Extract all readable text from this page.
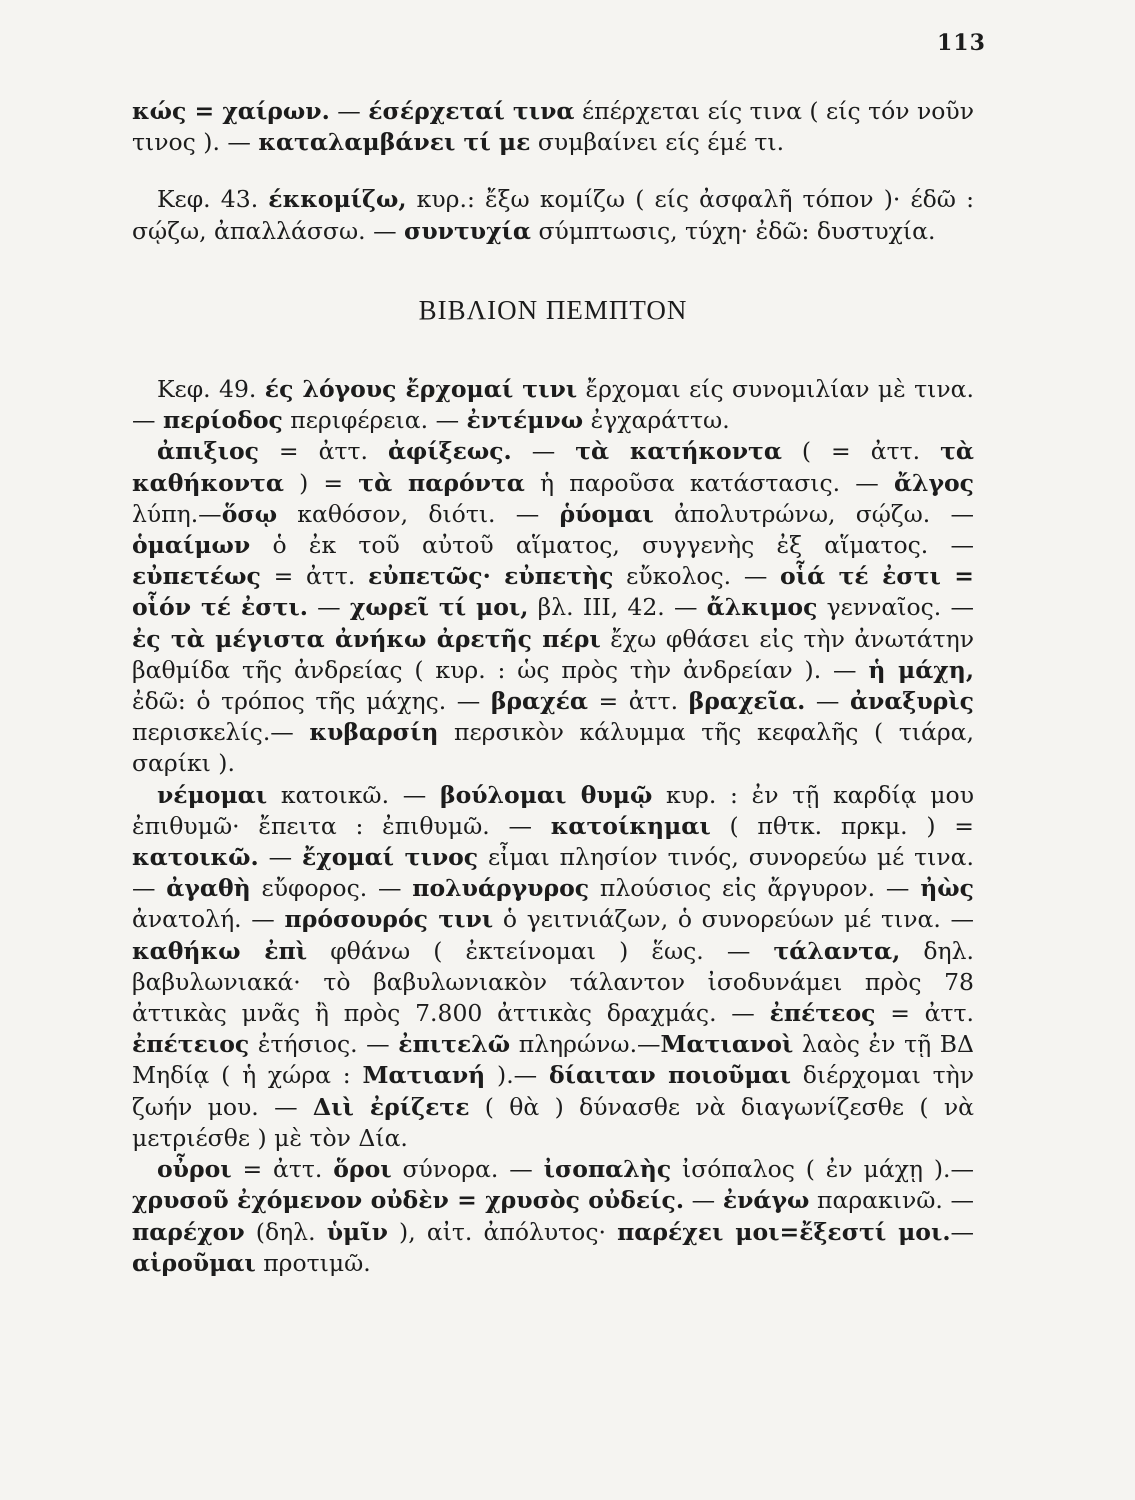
113

κώς = χαίρων. — έσέρχεταί τινα έπέρχεται είς τινα ( είς τόν νοῦν τινος ). — καταλαμβάνει τί με συμβαίνει είς έμέ τι.

Κεφ. 43. έκκομίζω, κυρ.: ἔξω κομίζω ( είς ἀσφαλῆ τόπον )· έδῶ : σῴζω, ἀπαλλάσσω. — συντυχία σύμπτωσις, τύχη· ἐδῶ: δυστυχία.

ΒΙΒΛΙΟΝ ΠΕΜΠΤΟΝ

Κεφ. 49. ές λόγους ἔρχομαί τινι ἔρχομαι είς συνομιλίαν μὲ τινα. — περίοδος περιφέρεια. — ἐντέμνω ἐγχαράττω.

ἀπιξιος = ἀττ. ἀφίξεως. — τὰ κατήκοντα ( = ἀττ. τὰ καθήκοντα ) = τὰ παρόντα ἡ παροῦσα κατάστασις. — ἄλγος λύπη.—ὅσῳ καθόσον, διότι. — ῥύομαι ἀπολυτρώνω, σῴζω. — ὁμαίμων ὁ ἐκ τοῦ αὐτοῦ αἵματος, συγγενὴς ἐξ αἵματος. — εὐπετέως = ἀττ. εὐπετῶς· εὐπετὴς εὔκολος. — οἷά τέ ἐστι = οἷόν τέ ἐστι. — χωρεῖ τί μοι, βλ. ΙΙΙ, 42. — ἄλκιμος γενναῖος. — ἐς τὰ μέγιστα ἀνήκω ἀρετῆς πέρι ἔχω φθάσει εἰς τὴν ἀνωτάτην βαθμίδα τῆς ἀνδρείας ( κυρ. : ὡς πρὸς τὴν ἀνδρείαν ). — ἡ μάχη, ἐδῶ: ὁ τρόπος τῆς μάχης. — βραχέα = ἀττ. βραχεῖα. — ἀναξυρὶς περισκελίς.— κυβαρσίη περσικὸν κάλυμμα τῆς κεφαλῆς ( τιάρα, σαρίκι ).

νέμομαι κατοικῶ. — βούλομαι θυμῷ κυρ. : ἐν τῇ καρδίᾳ μου ἐπιθυμῶ· ἔπειτα : ἐπιθυμῶ. — κατοίκημαι ( πθτκ. πρκμ. ) = κατοικῶ. — ἔχομαί τινος εἶμαι πλησίον τινός, συνορεύω μέ τινα. — ἀγαθὴ εὔφορος. — πολυάργυρος πλούσιος εἰς ἄργυρον. — ἠὼς ἀνατολή. — πρόσουρός τινι ὁ γειτνιάζων, ὁ συνορεύων μέ τινα. — καθήκω ἐπὶ φθάνω ( ἐκτείνομαι ) ἕως. — τάλαντα, δηλ. βαβυλωνιακά· τὸ βαβυλωνιακὸν τάλαντον ἰσοδυνάμει πρὸς 78 ἀττικὰς μνᾶς ἢ πρὸς 7.800 ἀττικὰς δραχμάς. — ἐπέτεος = ἀττ. ἐπέτειος ἐτήσιος. — ἐπιτελῶ πληρώνω.—Ματιανοὶ λαὸς ἐν τῇ ΒΔ Μηδίᾳ ( ἡ χώρα : Ματιανή ).— δίαιταν ποιοῦμαι διέρχομαι τὴν ζωήν μου. — Διὶ ἐρίζετε ( θὰ ) δύνασθε νὰ διαγωνίζεσθε ( νὰ μετριέσθε ) μὲ τὸν Δία.

οὖροι = ἀττ. ὅροι σύνορα. — ἰσοπαλὴς ἰσόπαλος ( ἐν μάχῃ ).— χρυσοῦ ἐχόμενον οὐδὲν = χρυσὸς οὐδείς. — ἐνάγω παρακινῶ. — παρέχον (δηλ. ὑμῖν ), αἰτ. ἀπόλυτος· παρέχει μοι=ἔξεστί μοι.— αἱροῦμαι προτιμῶ.
